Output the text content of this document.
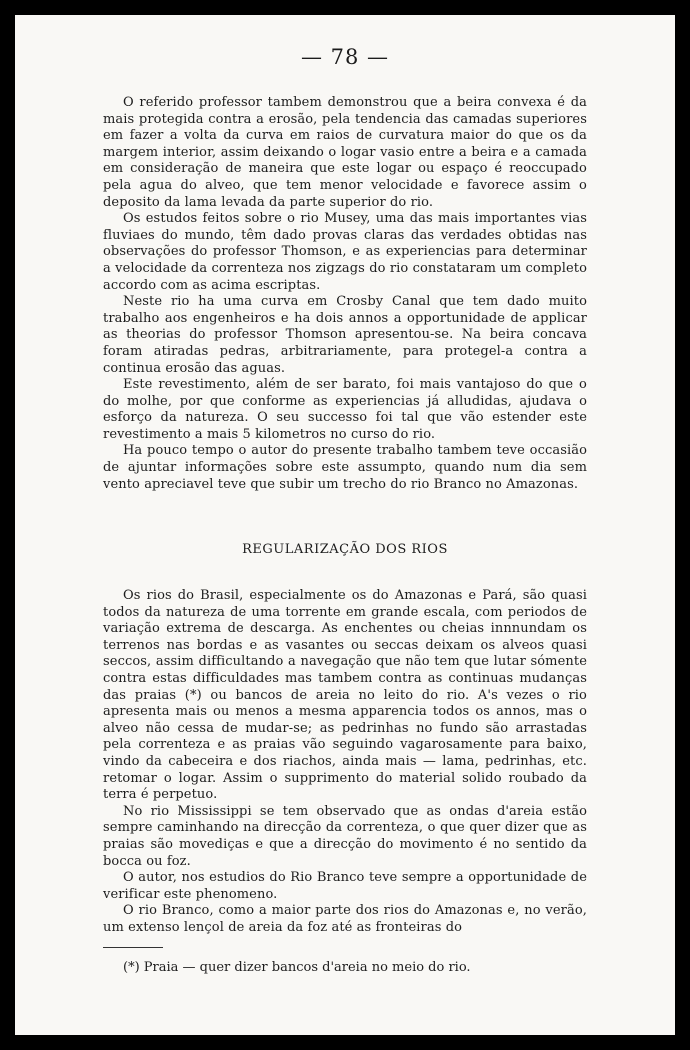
— 78 —

O referido professor tambem demonstrou que a beira convexa é da mais protegida contra a erosão, pela tendencia das camadas superiores em fazer a volta da curva em raios de curvatura maior do que os da margem interior, assim deixando o logar vasio entre a beira e a camada em consideração de maneira que este logar ou espaço é reoccupado pela agua do alveo, que tem menor velocidade e favorece assim o deposito da lama levada da parte superior do rio.

Os estudos feitos sobre o rio Musey, uma das mais importantes vias fluviaes do mundo, têm dado provas claras das verdades obtidas nas observações do professor Thomson, e as experiencias para determinar a velocidade da correnteza nos zigzags do rio constataram um completo accordo com as acima escriptas.

Neste rio ha uma curva em Crosby Canal que tem dado muito trabalho aos engenheiros e ha dois annos a opportunidade de applicar as theorias do professor Thomson apresentou-se. Na beira concava foram atiradas pedras, arbitrariamente, para protegel-a contra a continua erosão das aguas.

Este revestimento, além de ser barato, foi mais vantajoso do que o do molhe, por que conforme as experiencias já alludidas, ajudava o esforço da natureza. O seu successo foi tal que vão estender este revestimento a mais 5 kilometros no curso do rio.

Ha pouco tempo o autor do presente trabalho tambem teve occasião de ajuntar informações sobre este assumpto, quando num dia sem vento apreciavel teve que subir um trecho do rio Branco no Amazonas.

REGULARIZAÇÃO DOS RIOS

Os rios do Brasil, especialmente os do Amazonas e Pará, são quasi todos da natureza de uma torrente em grande escala, com periodos de variação extrema de descarga. As enchentes ou cheias innnundam os terrenos nas bordas e as vasantes ou seccas deixam os alveos quasi seccos, assim difficultando a navegação que não tem que lutar sómente contra estas difficuldades mas tambem contra as continuas mudanças das praias (*) ou bancos de areia no leito do rio. A's vezes o rio apresenta mais ou menos a mesma apparencia todos os annos, mas o alveo não cessa de mudar-se; as pedrinhas no fundo são arrastadas pela correnteza e as praias vão seguindo vagarosamente para baixo, vindo da cabeceira e dos riachos, ainda mais — lama, pedrinhas, etc. retomar o logar. Assim o supprimento do material solido roubado da terra é perpetuo.

No rio Mississippi se tem observado que as ondas d'areia estão sempre caminhando na direcção da correnteza, o que quer dizer que as praias são movediças e que a direcção do movimento é no sentido da bocca ou foz.

O autor, nos estudios do Rio Branco teve sempre a opportunidade de verificar este phenomeno.

O rio Branco, como a maior parte dos rios do Amazonas e, no verão, um extenso lençol de areia da foz até as fronteiras do

(*) Praia — quer dizer bancos d'areia no meio do rio.
